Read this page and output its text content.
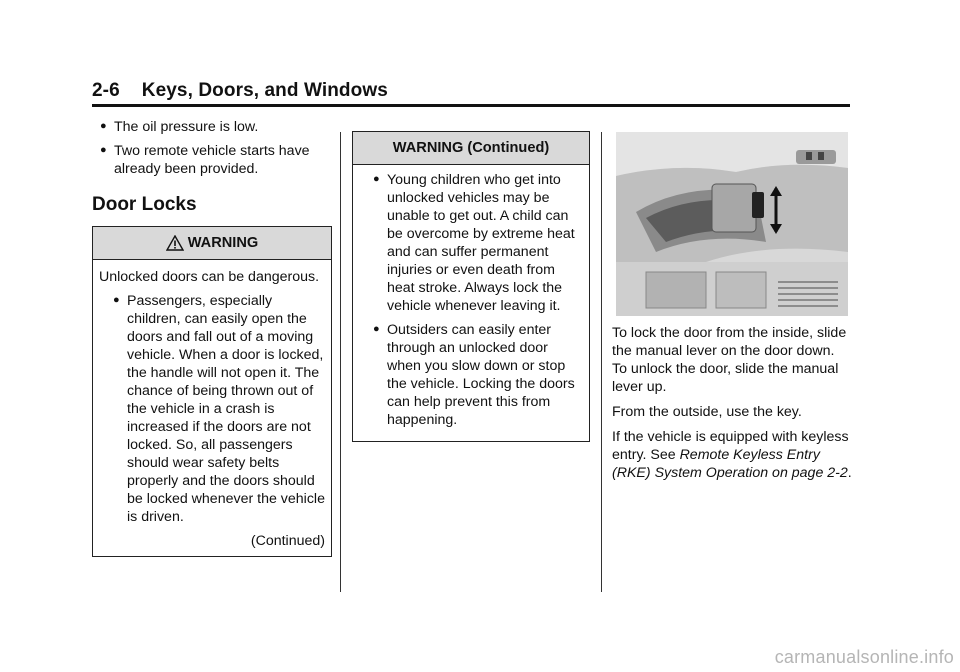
2-6 Keys, Doors, and Windows
● The oil pressure is low.
● Two remote vehicle starts have already been provided.
Door Locks
WARNING

Unlocked doors can be dangerous.

● Passengers, especially children, can easily open the doors and fall out of a moving vehicle. When a door is locked, the handle will not open it. The chance of being thrown out of the vehicle in a crash is increased if the doors are not locked. So, all passengers should wear safety belts properly and the doors should be locked whenever the vehicle is driven.
(Continued)
WARNING (Continued)
● Young children who get into unlocked vehicles may be unable to get out. A child can be overcome by extreme heat and can suffer permanent injuries or even death from heat stroke. Always lock the vehicle whenever leaving it.
● Outsiders can easily enter through an unlocked door when you slow down or stop the vehicle. Locking the doors can help prevent this from happening.

To lock the door from the inside, slide the manual lever on the door down. To unlock the door, slide the manual lever up.

From the outside, use the key.

If the vehicle is equipped with keyless entry. See Remote Keyless Entry (RKE) System Operation on page 2-2.

carmanualsonline.info
